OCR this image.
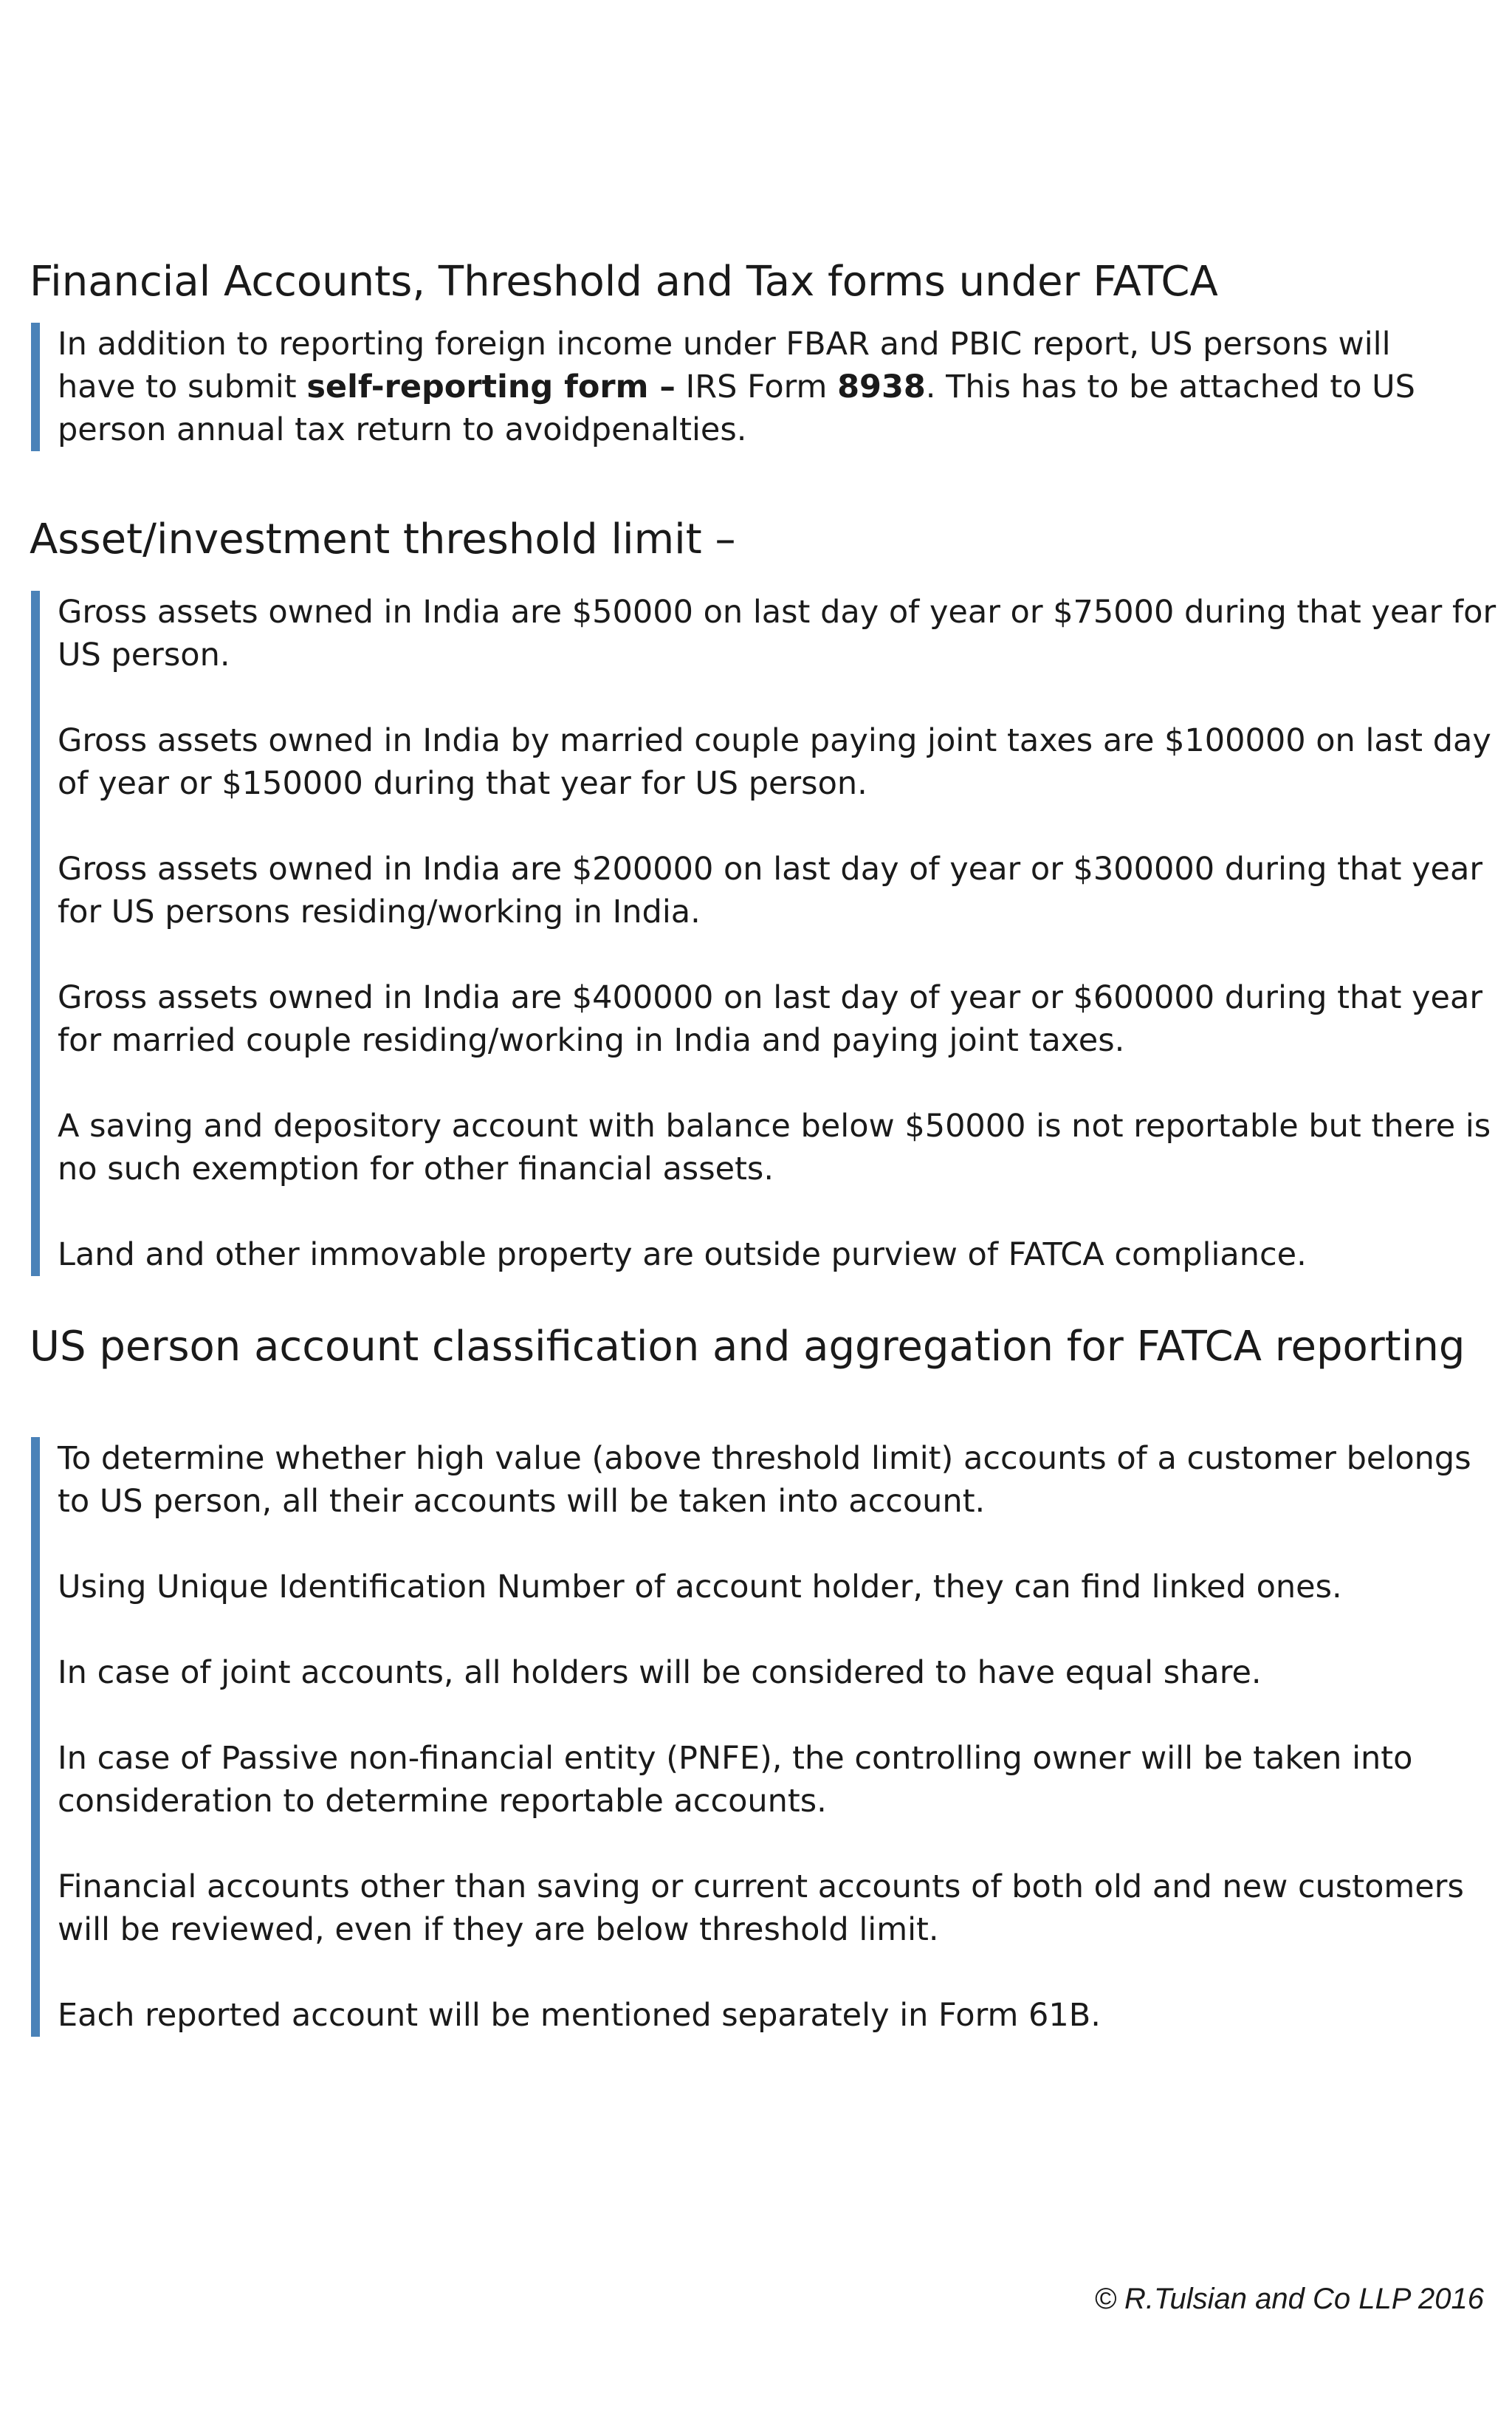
Financial Accounts, Threshold and Tax forms under FATCA

In addition to reporting foreign income under FBAR and PBIC report, US persons will have to submit self-reporting form – IRS Form 8938. This has to be attached to US person annual tax return to avoidpenalties.

Asset/investment threshold limit –

Gross assets owned in India are $50000 on last day of year or $75000 during that year for US person.

Gross assets owned in India by married couple paying joint taxes are $100000 on last day of year or $150000 during that year for US person.

Gross assets owned in India are $200000 on last day of year or $300000 during that year for US persons residing/working in India.

Gross assets owned in India are $400000 on last day of year or $600000 during that year for married couple residing/working in India and paying joint taxes.

A saving and depository account with balance below $50000 is not reportable but there is no such exemption for other financial assets.

Land and other immovable property are outside purview of FATCA compliance.

US person account classification and aggregation for FATCA reporting

To determine whether high value (above threshold limit) accounts of a customer belongs to US person, all their accounts will be taken into account.

Using Unique Identification Number of account holder, they can find linked ones.

In case of joint accounts, all holders will be considered to have equal share.

In case of Passive non-financial entity (PNFE), the controlling owner will be taken into consideration to determine reportable accounts.

Financial accounts other than saving or current accounts of both old and new customers will be reviewed, even if they are below threshold limit.

Each reported account will be mentioned separately in Form 61B.

© R.Tulsian and Co LLP 2016
